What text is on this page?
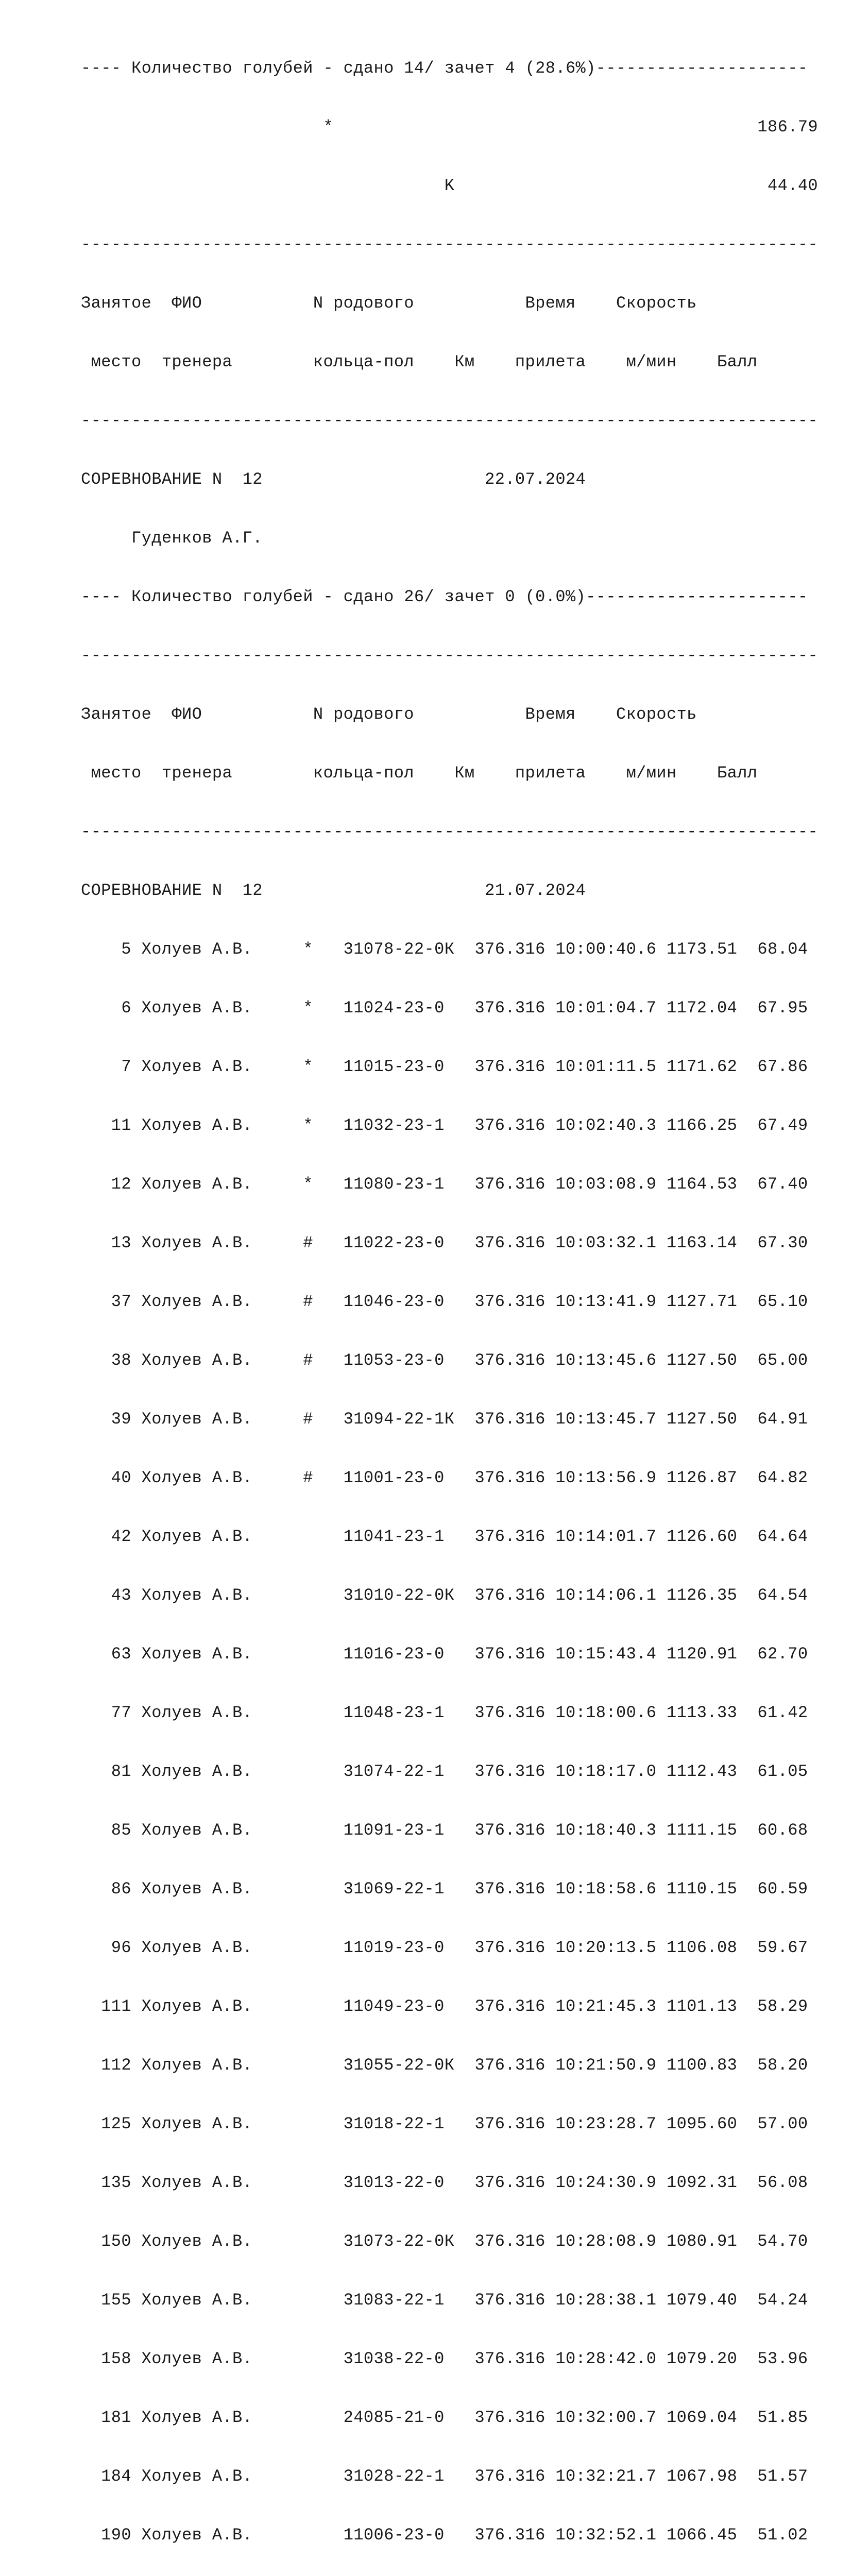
---- Количество голубей - сдано 14/ зачет 4 (28.6%)---------------------

*                                          186.79

K                               44.40

-------------------------------------------------------------------------

Занятое  ФИО           N родового           Время    Скорость

место  тренера        кольца-пол    Км    прилета    м/мин    Балл

-------------------------------------------------------------------------

СОРЕВНОВАНИЕ N  12                      22.07.2024

Гуденков А.Г.

---- Количество голубей - сдано 26/ зачет 0 (0.0%)----------------------

-------------------------------------------------------------------------

Занятое  ФИО           N родового           Время    Скорость

место  тренера        кольца-пол    Км    прилета    м/мин    Балл

-------------------------------------------------------------------------

СОРЕВНОВАНИЕ N  12                      21.07.2024

5 Холуев А.В.     *   31078-22-0К  376.316 10:00:40.6 1173.51  68.04

6 Холуев А.В.     *   11024-23-0   376.316 10:01:04.7 1172.04  67.95

7 Холуев А.В.     *   11015-23-0   376.316 10:01:11.5 1171.62  67.86

11 Холуев А.В.     *   11032-23-1   376.316 10:02:40.3 1166.25  67.49

12 Холуев А.В.     *   11080-23-1   376.316 10:03:08.9 1164.53  67.40

13 Холуев А.В.     #   11022-23-0   376.316 10:03:32.1 1163.14  67.30

37 Холуев А.В.     #   11046-23-0   376.316 10:13:41.9 1127.71  65.10

38 Холуев А.В.     #   11053-23-0   376.316 10:13:45.6 1127.50  65.00

39 Холуев А.В.     #   31094-22-1К  376.316 10:13:45.7 1127.50  64.91

40 Холуев А.В.     #   11001-23-0   376.316 10:13:56.9 1126.87  64.82

42 Холуев А.В.         11041-23-1   376.316 10:14:01.7 1126.60  64.64

43 Холуев А.В.         31010-22-0К  376.316 10:14:06.1 1126.35  64.54

63 Холуев А.В.         11016-23-0   376.316 10:15:43.4 1120.91  62.70

77 Холуев А.В.         11048-23-1   376.316 10:18:00.6 1113.33  61.42

81 Холуев А.В.         31074-22-1   376.316 10:18:17.0 1112.43  61.05

85 Холуев А.В.         11091-23-1   376.316 10:18:40.3 1111.15  60.68

86 Холуев А.В.         31069-22-1   376.316 10:18:58.6 1110.15  60.59

96 Холуев А.В.         11019-23-0   376.316 10:20:13.5 1106.08  59.67

111 Холуев А.В.         11049-23-0   376.316 10:21:45.3 1101.13  58.29

112 Холуев А.В.         31055-22-0К  376.316 10:21:50.9 1100.83  58.20

125 Холуев А.В.         31018-22-1   376.316 10:23:28.7 1095.60  57.00

135 Холуев А.В.         31013-22-0   376.316 10:24:30.9 1092.31  56.08

150 Холуев А.В.         31073-22-0К  376.316 10:28:08.9 1080.91  54.70

155 Холуев А.В.         31083-22-1   376.316 10:28:38.1 1079.40  54.24

158 Холуев А.В.         31038-22-0   376.316 10:28:42.0 1079.20  53.96

181 Холуев А.В.         24085-21-0   376.316 10:32:00.7 1069.04  51.85

184 Холуев А.В.         31028-22-1   376.316 10:32:21.7 1067.98  51.57

190 Холуев А.В.         11006-23-0   376.316 10:32:52.1 1066.45  51.02
